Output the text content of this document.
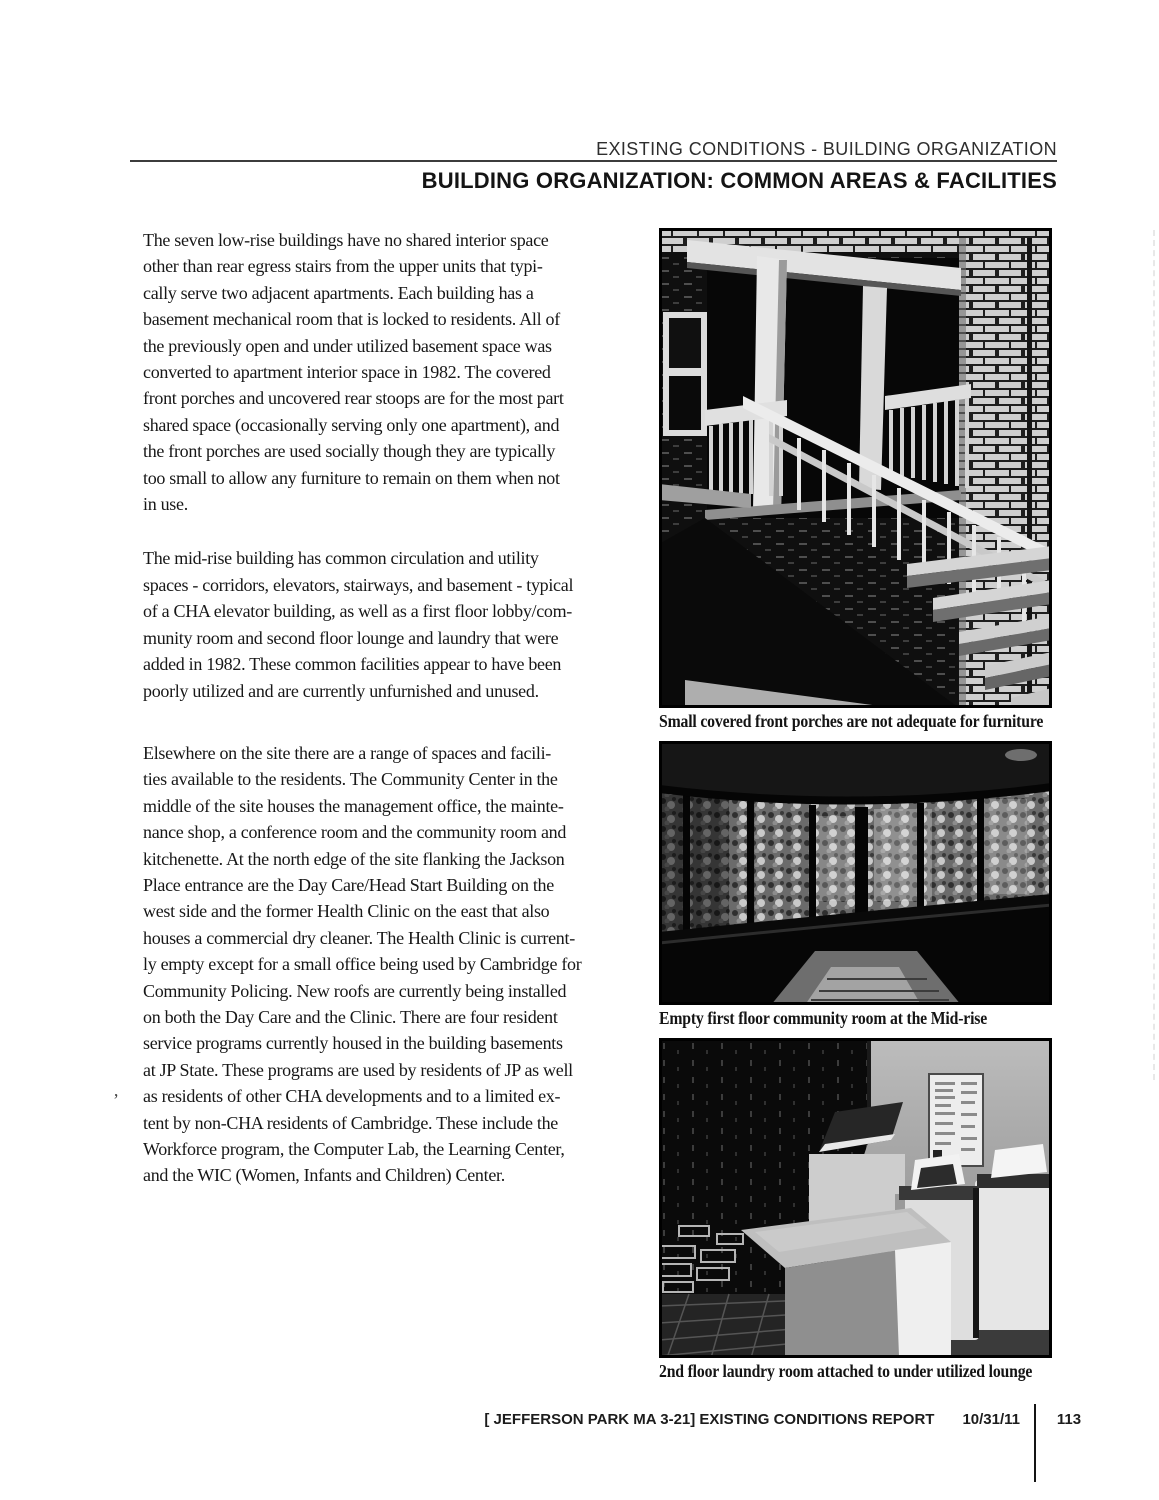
EXISTING CONDITIONS - BUILDING ORGANIZATION
BUILDING ORGANIZATION: COMMON AREAS & FACILITIES
The seven low-rise buildings have no shared interior space
other than rear egress stairs from the upper units that typi-
cally serve two adjacent apartments. Each building has a
basement mechanical room that is locked to residents. All of
the previously open and under utilized basement space was
converted to apartment interior space in 1982. The covered
front porches and uncovered rear stoops are for the most part
shared space (occasionally serving only one apartment), and
the front porches are used socially though they are typically
too small to allow any furniture to remain on them when not
in use.
The mid-rise building has common circulation and utility
spaces - corridors, elevators, stairways, and basement - typical
of a CHA elevator building, as well as a first floor lobby/com-
munity room and second floor lounge and laundry that were
added in 1982. These common facilities appear to have been
poorly utilized and are currently unfurnished and unused.
Elsewhere on the site there are a range of spaces and facili-
ties available to the residents. The Community Center in the
middle of the site houses the management office, the mainte-
nance shop, a conference room and the community room and
kitchenette. At the north edge of the site flanking the Jackson
Place entrance are the Day Care/Head Start Building on the
west side and the former Health Clinic on the east that also
houses a commercial dry cleaner. The Health Clinic is current-
ly empty except for a small office being used by Cambridge for
Community Policing. New roofs are currently being installed
on both the Day Care and the Clinic. There are four resident
service programs currently housed in the building basements
at JP State. These programs are used by residents of JP as well
as residents of other CHA developments and to a limited ex-
tent by non-CHA residents of Cambridge. These include the
Workforce program, the Computer Lab, the Learning Center,
and the WIC (Women, Infants and Children) Center.
’
Small covered front porches are not adequate for furniture
Empty first floor community room at the Mid-rise
2nd floor laundry room attached to under utilized lounge
[ JEFFERSON PARK MA 3-21] EXISTING CONDITIONS REPORT 10/31/11	113
